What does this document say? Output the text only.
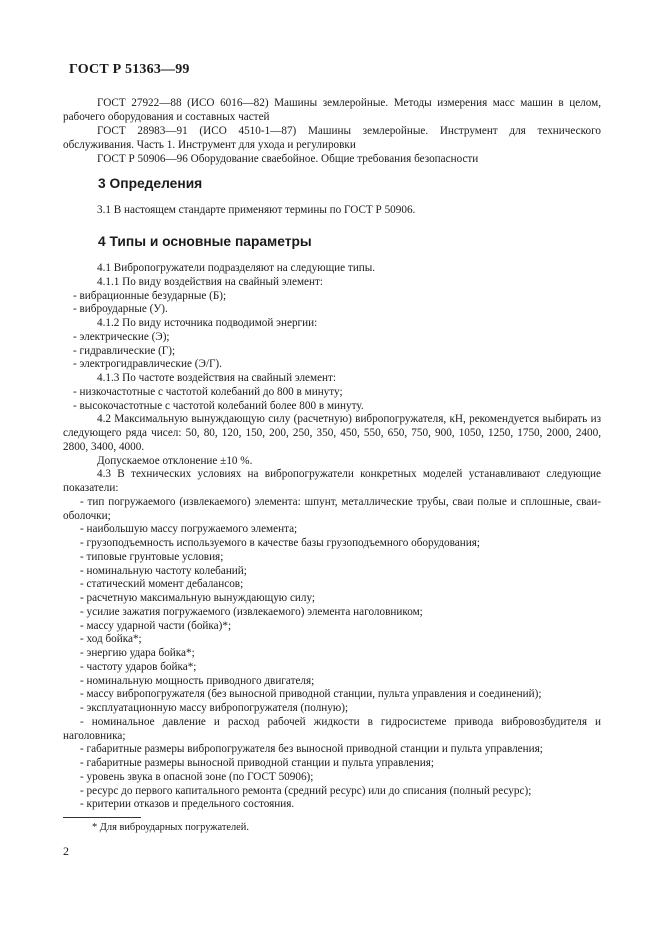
ГОСТ Р 51363—99

ГОСТ 27922—88 (ИСО 6016—82) Машины землеройные. Методы измерения масс машин в целом, рабочего оборудования и составных частей

ГОСТ 28983—91 (ИСО 4510-1—87) Машины землеройные. Инструмент для технического обслуживания. Часть 1. Инструмент для ухода и регулировки

ГОСТ Р 50906—96 Оборудование сваебойное. Общие требования безопасности

3 Определения
3.1 В настоящем стандарте применяют термины по ГОСТ Р 50906.
4 Типы и основные параметры

4.1 Вибропогружатели подразделяют на следующие типы.

4.1.1 По виду воздействия на свайный элемент:

- вибрационные безударные (Б);

- виброударные (У).

4.1.2 По виду источника подводимой энергии:

- электрические (Э);

- гидравлические (Г);

- электрогидравлические (Э/Г).

4.1.3 По частоте воздействия на свайный элемент:

- низкочастотные с частотой колебаний до 800 в минуту;

- высокочастотные с частотой колебаний более 800 в минуту.

4.2 Максимальную вынуждающую силу (расчетную) вибропогружателя, кН, рекомендуется выбирать из следующего ряда чисел: 50, 80, 120, 150, 200, 250, 350, 450, 550, 650, 750, 900, 1050, 1250, 1750, 2000, 2400, 2800, 3400, 4000.

Допускаемое отклонение ±10 %.

4.3 В технических условиях на вибропогружатели конкретных моделей устанавливают следующие показатели:

- тип погружаемого (извлекаемого) элемента: шпунт, металлические трубы, сваи полые и сплошные, сваи-оболочки;

- наибольшую массу погружаемого элемента;

- грузоподъемность используемого в качестве базы грузоподъемного оборудования;

- типовые грунтовые условия;

- номинальную частоту колебаний;

- статический момент дебалансов;

- расчетную максимальную вынуждающую силу;

- усилие зажатия погружаемого (извлекаемого) элемента наголовником;

- массу ударной части (бойка)*;

- ход бойка*;

- энергию удара бойка*;

- частоту ударов бойка*;

- номинальную мощность приводного двигателя;

- массу вибропогружателя (без выносной приводной станции, пульта управления и соединений);

- эксплуатационную массу вибропогружателя (полную);

- номинальное давление и расход рабочей жидкости в гидросистеме привода вибровозбудителя и наголовника;

- габаритные размеры вибропогружателя без выносной приводной станции и пульта управления;

- габаритные размеры выносной приводной станции и пульта управления;

- уровень звука в опасной зоне (по ГОСТ 50906);

- ресурс до первого капитального ремонта (средний ресурс) или до списания (полный ресурс);

- критерии отказов и предельного состояния.

* Для виброударных погружателей.
2
